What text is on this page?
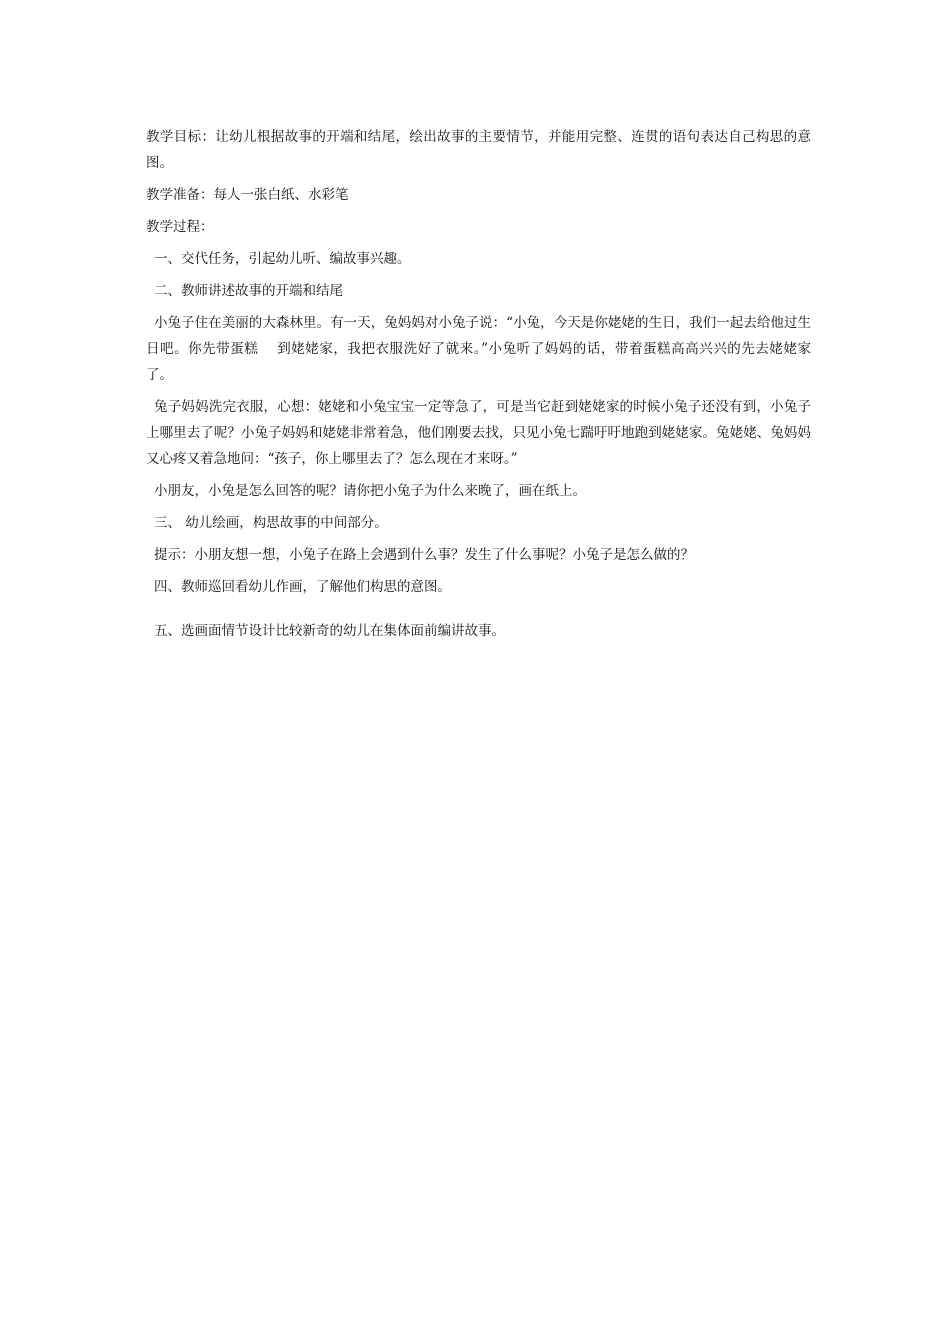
教学目标：让幼儿根据故事的开端和结尾，绘出故事的主要情节，并能用完整、连贯的语句表达自己构思的意图。

教学准备：每人一张白纸、水彩笔

教学过程：

一、交代任务，引起幼儿听、编故事兴趣。

二、教师讲述故事的开端和结尾

小兔子住在美丽的大森林里。有一天，兔妈妈对小兔子说：“小兔，今天是你姥姥的生日，我们一起去给他过生日吧。你先带蛋糕　 到姥姥家，我把衣服洗好了就来。”小兔听了妈妈的话，带着蛋糕高高兴兴的先去姥姥家了。

兔子妈妈洗完衣服，心想：姥姥和小兔宝宝一定等急了，可是当它赶到姥姥家的时候小兔子还没有到，小兔子上哪里去了呢？小兔子妈妈和姥姥非常着急，他们刚要去找，只见小兔七踹吁吁地跑到姥姥家。兔姥姥、兔妈妈又心疼又着急地问：“孩子，你上哪里去了？怎么现在才来呀。”

小朋友，小兔是怎么回答的呢？请你把小兔子为什么来晚了，画在纸上。

三、 幼儿绘画，构思故事的中间部分。

提示：小朋友想一想，小兔子在路上会遇到什么事？发生了什么事呢？小兔子是怎么做的？

四、教师巡回看幼儿作画，了解他们构思的意图。

五、选画面情节设计比较新奇的幼儿在集体面前编讲故事。
